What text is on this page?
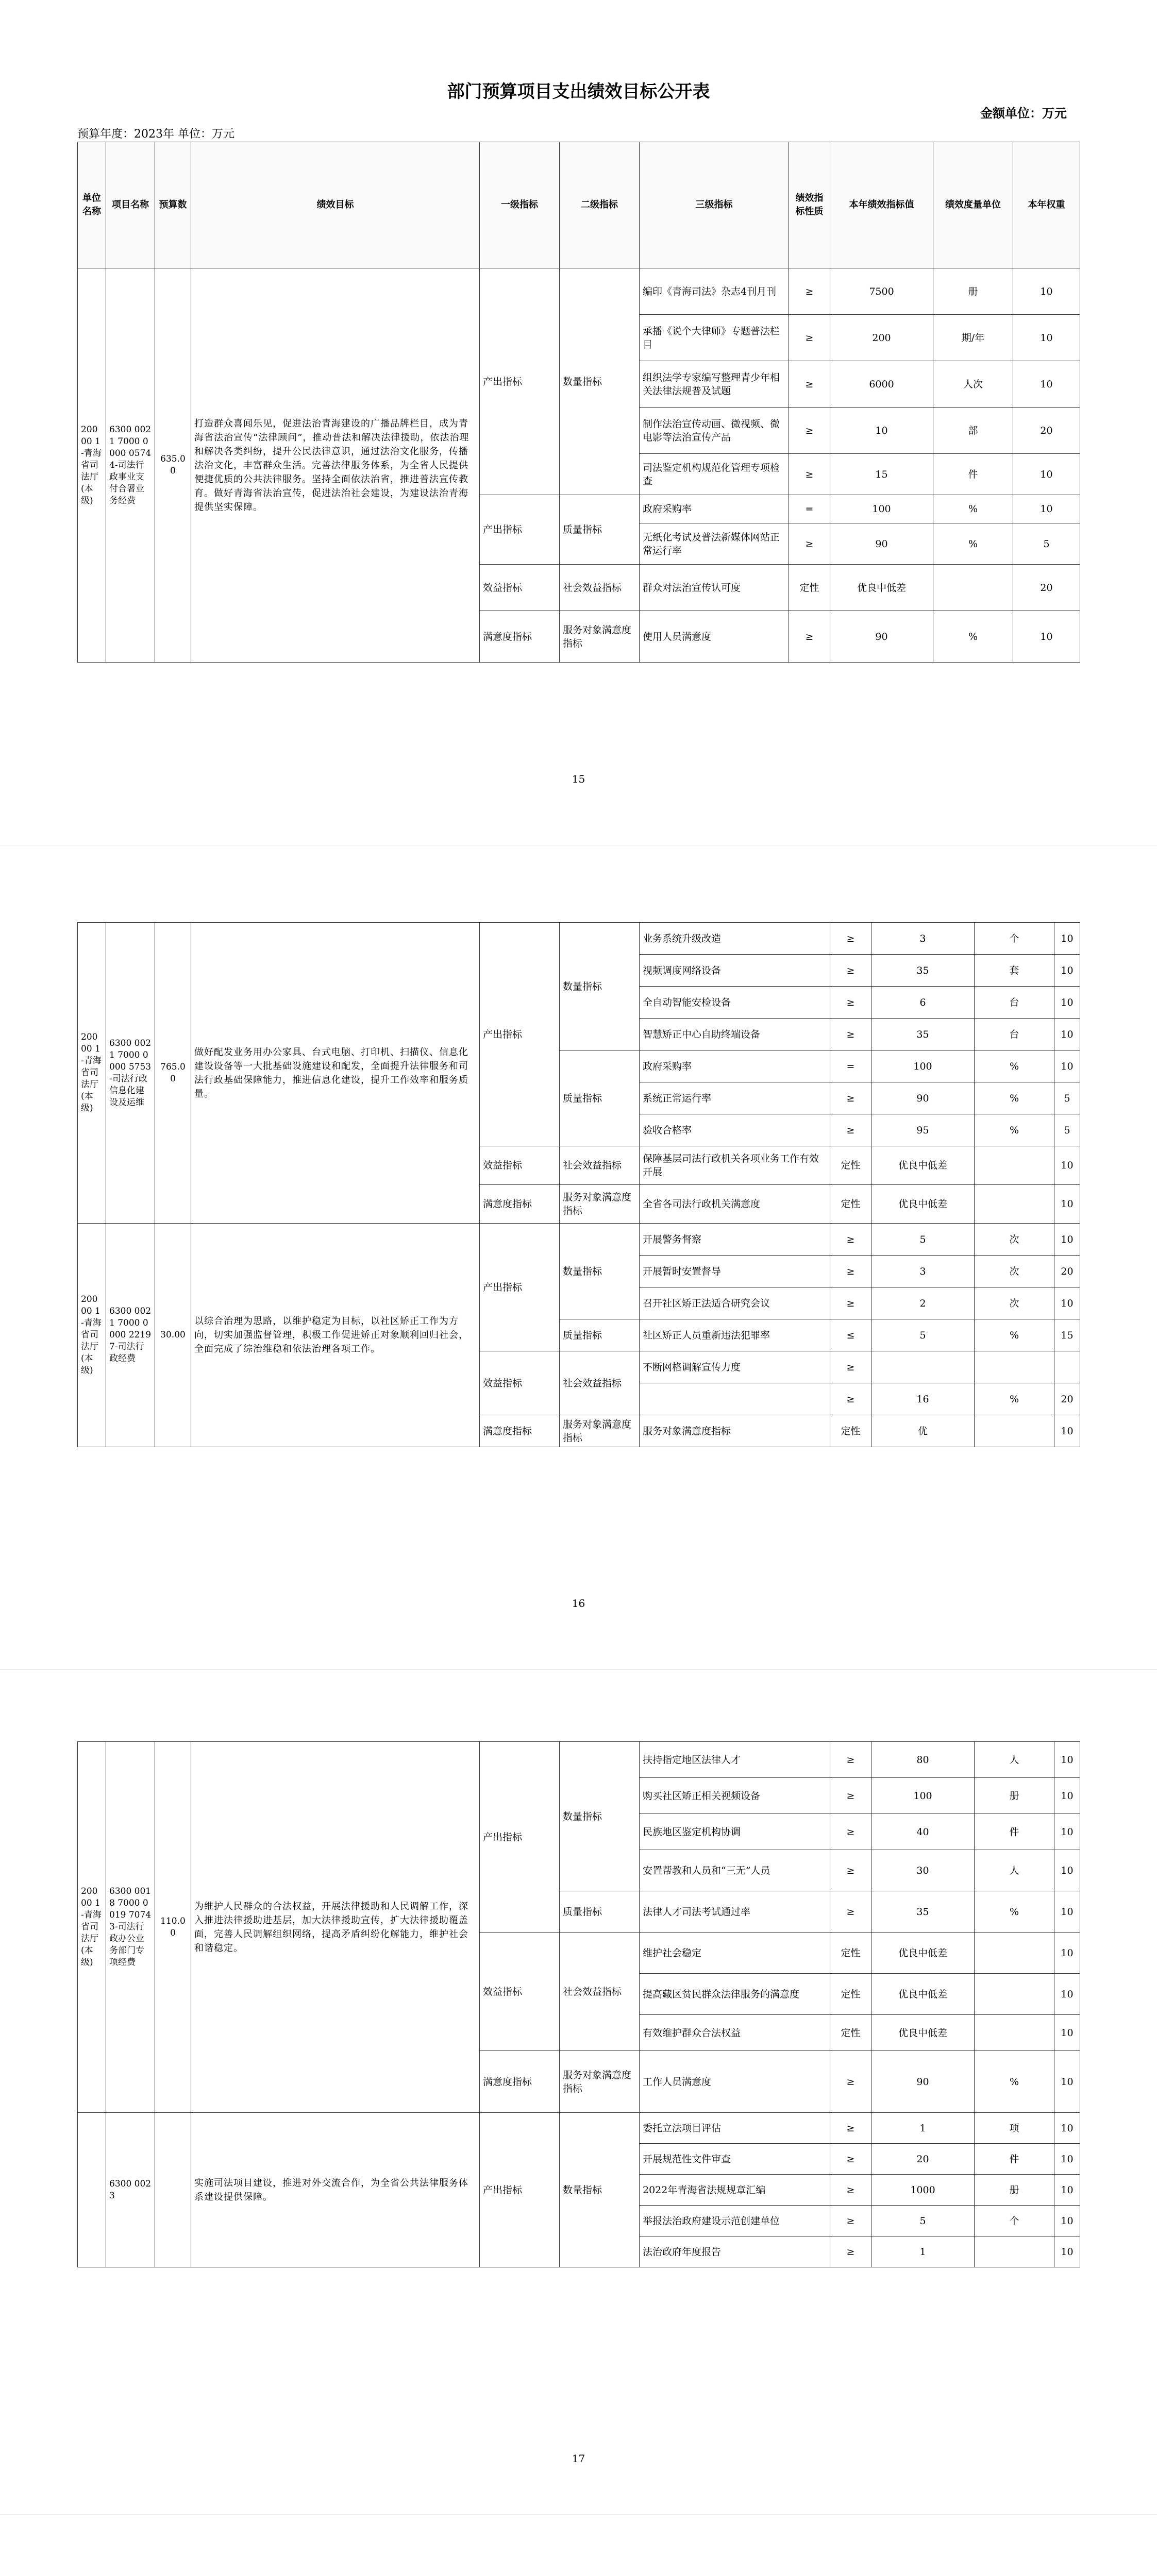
部门预算项目支出绩效目标公开表
金额单位：万元
预算年度：2023年 单位：万元
单位名称	项目名称	预算数	绩效目标	一级指标	二级指标	三级指标	绩效指标性质	本年绩效指标值	绩效度量单位	本年权重
20000 1-青海省司法厅(本级)	6300 0021 7000 0000 0574 4-司法行政事业支付合署业务经费	635.00	打造群众喜闻乐见，促进法治青海建设的广播品牌栏目，成为青海省法治宣传“法律顾问”，推动普法和解决法律援助，依法治理和解决各类纠纷，提升公民法律意识，通过法治文化服务，传播法治文化，丰富群众生活。完善法律服务体系，为全省人民提供便捷优质的公共法律服务。坚持全面依法治省，推进普法宣传教育。做好青海省法治宣传，促进法治社会建设，为建设法治青海提供坚实保障。	产出指标	数量指标	编印《青海司法》杂志4刊月刊	≥	7500	册	10
						承播《说个大律师》专题普法栏目	≥	200	期/年	10
						组织法学专家编写整理青少年相关法律法规普及试题	≥	6000	人次	10
						制作法治宣传动画、微视频、微电影等法治宣传产品	≥	10	部	20
						司法鉴定机构规范化管理专项检查	≥	15	件	10
				产出指标	质量指标	政府采购率	=	100	%	10
						无纸化考试及普法新媒体网站正常运行率	≥	90	%	5
				效益指标	社会效益指标	群众对法治宣传认可度	定性	优良中低差		20
				满意度指标	服务对象满意度指标	使用人员满意度	≥	90	%	10
15
20000 1-青海省司法厅(本级)	6300 0021 7000 0000 5753-司法行政信息化建设及运维	765.00	做好配发业务用办公家具、台式电脑、打印机、扫描仪、信息化建设设备等一大批基础设施建设和配发，全面提升法律服务和司法行政基础保障能力，推进信息化建设，提升工作效率和服务质量。	产出指标	数量指标	业务系统升级改造	≥	3	个	10
						视频调度网络设备	≥	35	套	10
						全自动智能安检设备	≥	6	台	10
						智慧矫正中心自助终端设备	≥	35	台	10
					质量指标	政府采购率	=	100	%	10
						系统正常运行率	≥	90	%	5
						验收合格率	≥	95	%	5
				效益指标	社会效益指标	保障基层司法行政机关各项业务工作有效开展	定性	优良中低差		10
				满意度指标	服务对象满意度指标	全省各司法行政机关满意度	定性	优良中低差		10
20000 1-青海省司法厅(本级)	6300 0021 7000 0000 2219 7-司法行政经费	30.00	以综合治理为思路，以维护稳定为目标，以社区矫正工作为方向，切实加强监督管理，积极工作促进矫正对象顺利回归社会，全面完成了综治维稳和依法治理各项工作。	产出指标	数量指标	开展警务督察	≥	5	次	10
						开展暂时安置督导	≥	3	次	20
						召开社区矫正法适合研究会议	≥	2	次	10
					质量指标	社区矫正人员重新违法犯罪率	≤	5	%	15
				效益指标	社会效益指标	不断网格调解宣传力度	≥			
							≥	16	%	20
				满意度指标	服务对象满意度指标	服务对象满意度指标	定性	优		10
16
20000 1-青海省司法厅(本级)	6300 0018 7000 0019 7074 3-司法行政办公业务部门专项经费	110.00	为维护人民群众的合法权益，开展法律援助和人民调解工作，深入推进法律援助进基层，加大法律援助宣传，扩大法律援助覆盖面，完善人民调解组织网络，提高矛盾纠纷化解能力，维护社会和谐稳定。	产出指标	数量指标	扶持指定地区法律人才	≥	80	人	10
						购买社区矫正相关视频设备	≥	100	册	10
						民族地区鉴定机构协调	≥	40	件	10
						安置帮教和人员和“三无”人员	≥	30	人	10
					质量指标	法律人才司法考试通过率	≥	35	%	10
				效益指标	社会效益指标	维护社会稳定	定性	优良中低差		10
						提高藏区贫民群众法律服务的满意度	定性	优良中低差		10
						有效维护群众合法权益	定性	优良中低差		10
				满意度指标	服务对象满意度指标	工作人员满意度	≥	90	%	10
	6300 0023		实施司法项目建设，推进对外交流合作，为全省公共法律服务体系建设提供保障。	产出指标	数量指标	委托立法项目评估	≥	1	项	10
						开展规范性文件审查	≥	20	件	10
						2022年青海省法规规章汇编	≥	1000	册	10
						举报法治政府建设示范创建单位	≥	5	个	10
						法治政府年度报告	≥	1		10
17
